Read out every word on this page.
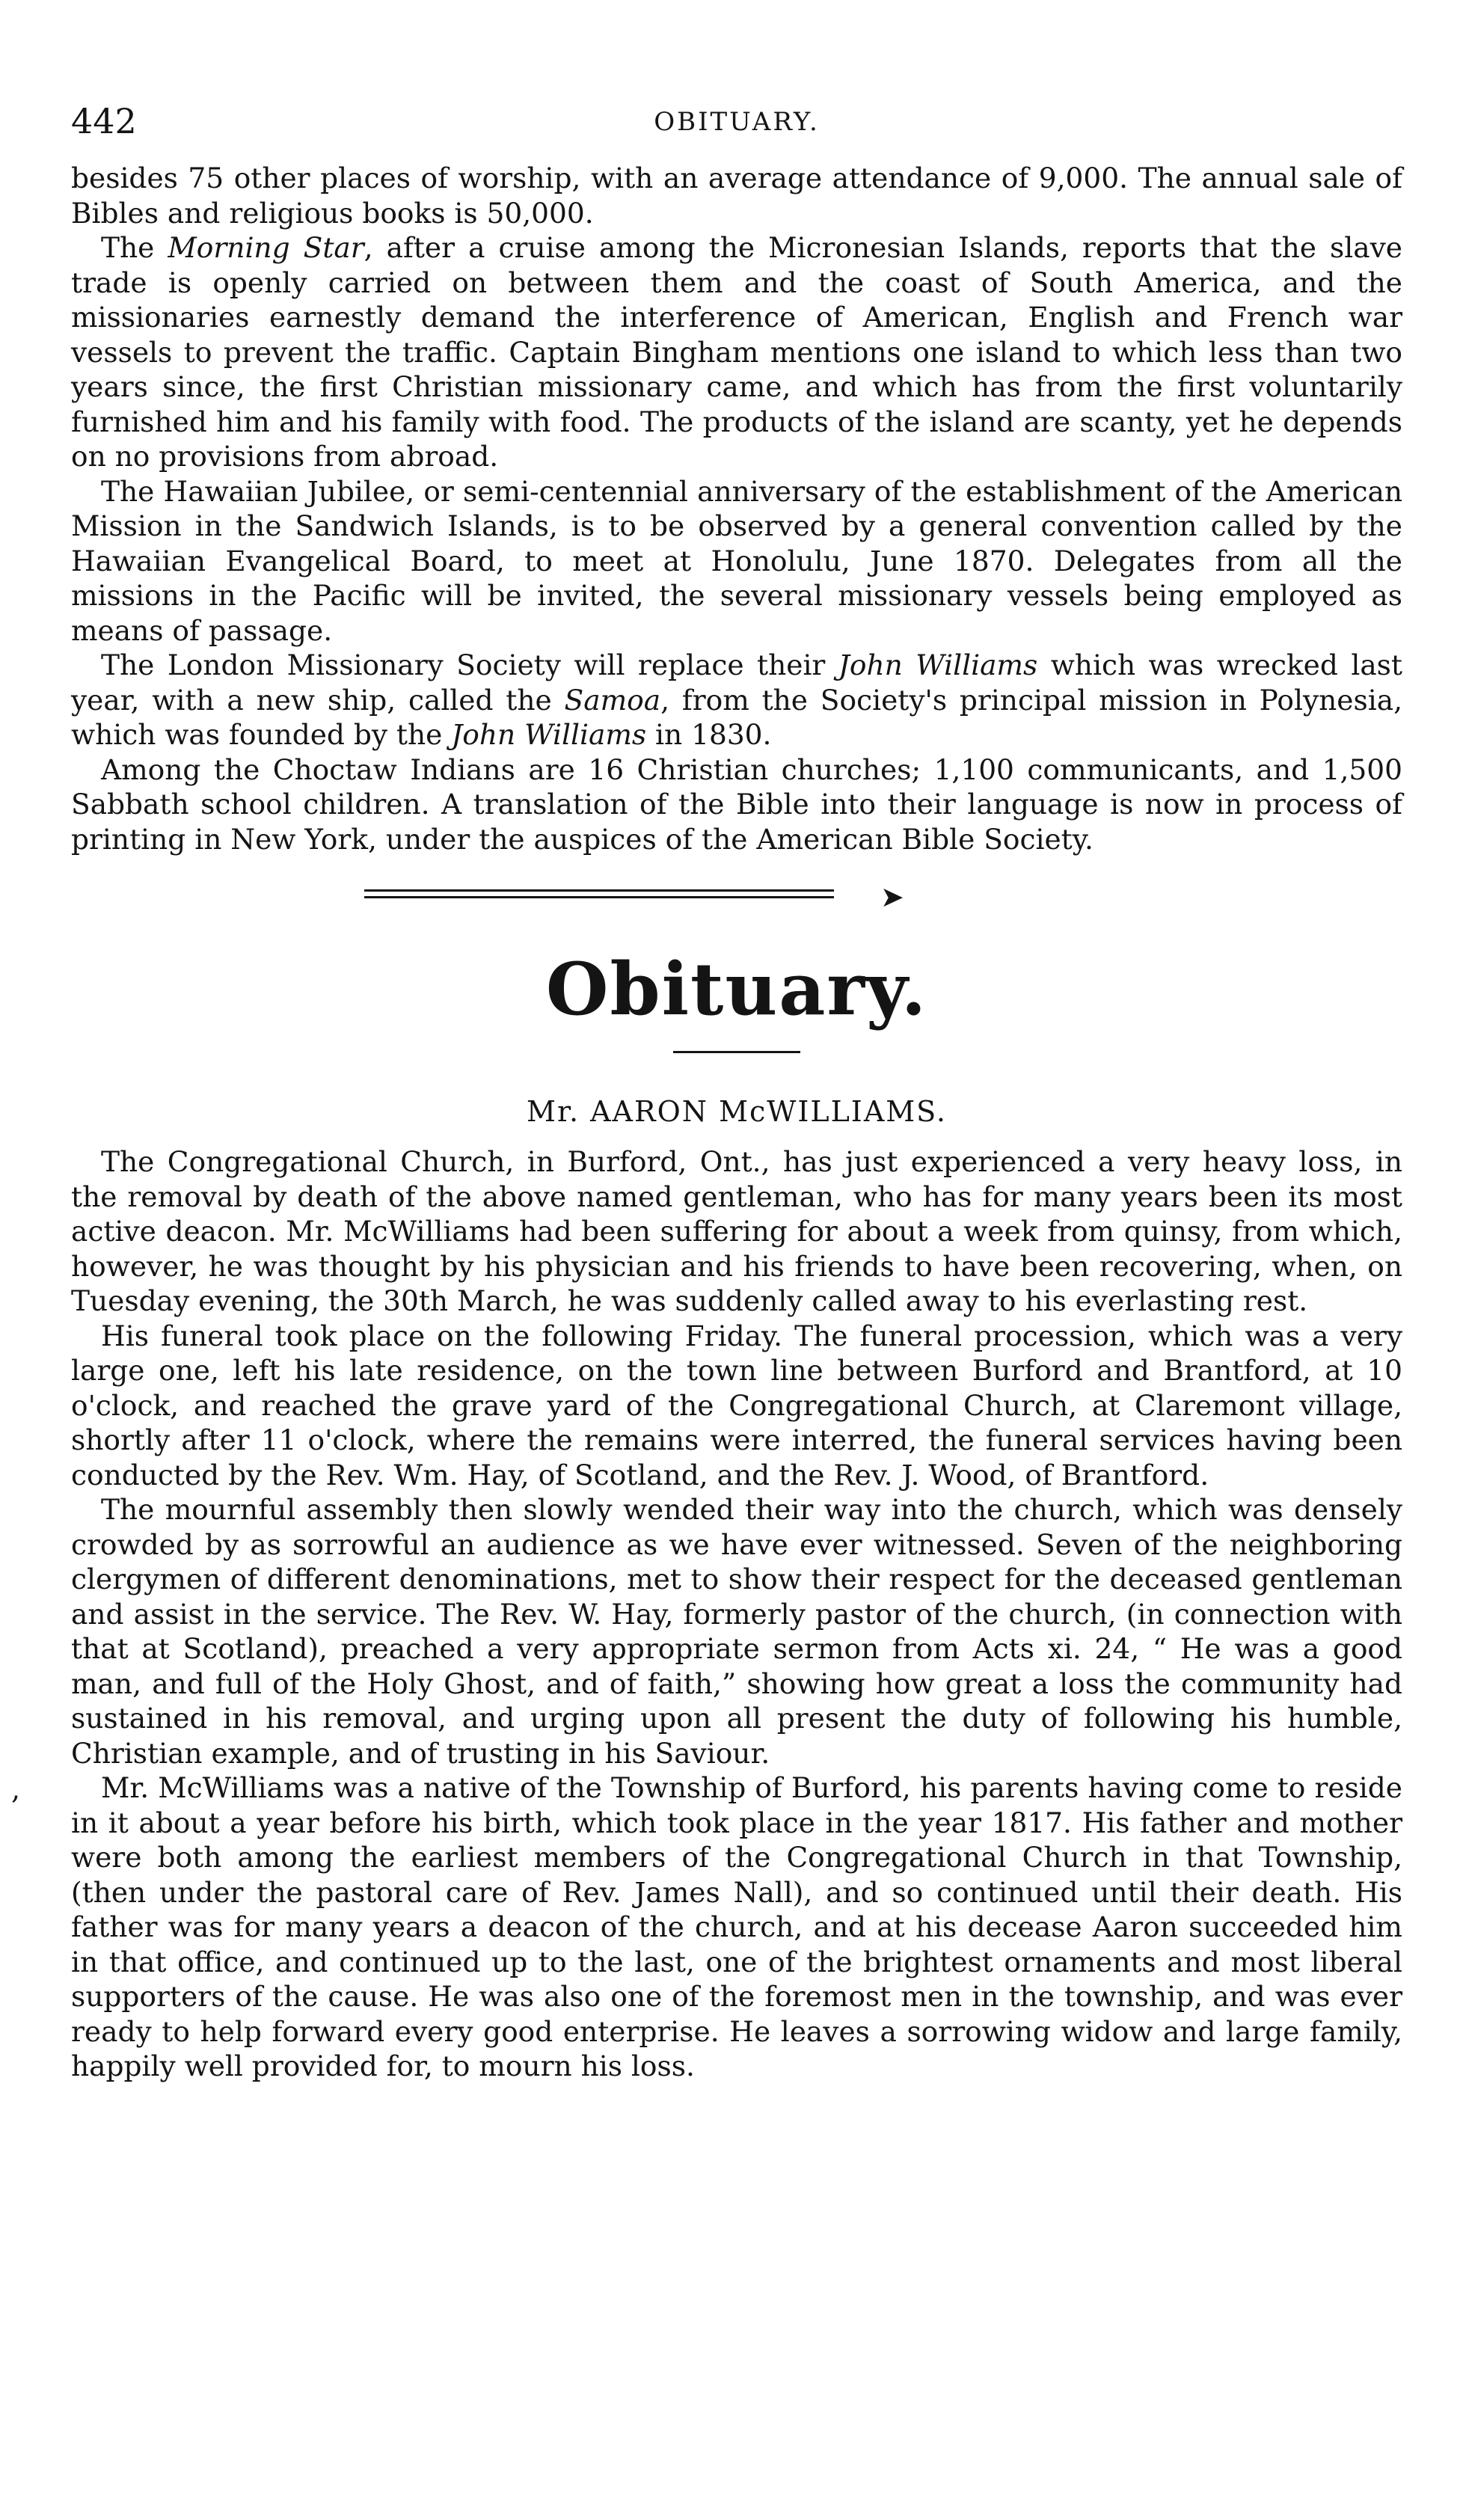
442	OBITUARY.

besides 75 other places of worship, with an average attendance of 9,000. The annual sale of Bibles and religious books is 50,000.

The Morning Star, after a cruise among the Micronesian Islands, reports that the slave trade is openly carried on between them and the coast of South America, and the missionaries earnestly demand the interference of American, English and French war vessels to prevent the traffic. Captain Bingham mentions one island to which less than two years since, the first Christian missionary came, and which has from the first voluntarily furnished him and his family with food. The products of the island are scanty, yet he depends on no provisions from abroad.

The Hawaiian Jubilee, or semi-centennial anniversary of the establishment of the American Mission in the Sandwich Islands, is to be observed by a general convention called by the Hawaiian Evangelical Board, to meet at Honolulu, June 1870. Delegates from all the missions in the Pacific will be invited, the several missionary vessels being employed as means of passage.

The London Missionary Society will replace their John Williams which was wrecked last year, with a new ship, called the Samoa, from the Society's principal mission in Polynesia, which was founded by the John Williams in 1830.

Among the Choctaw Indians are 16 Christian churches; 1,100 communicants, and 1,500 Sabbath school children. A translation of the Bible into their language is now in process of printing in New York, under the auspices of the American Bible Society.

➤
Obituary.
Mr. AARON McWILLIAMS.

The Congregational Church, in Burford, Ont., has just experienced a very heavy loss, in the removal by death of the above named gentleman, who has for many years been its most active deacon. Mr. McWilliams had been suffering for about a week from quinsy, from which, however, he was thought by his physician and his friends to have been recovering, when, on Tuesday evening, the 30th March, he was suddenly called away to his everlasting rest.

His funeral took place on the following Friday. The funeral procession, which was a very large one, left his late residence, on the town line between Burford and Brantford, at 10 o'clock, and reached the grave yard of the Congregational Church, at Claremont village, shortly after 11 o'clock, where the remains were interred, the funeral services having been conducted by the Rev. Wm. Hay, of Scotland, and the Rev. J. Wood, of Brantford.

The mournful assembly then slowly wended their way into the church, which was densely crowded by as sorrowful an audience as we have ever witnessed. Seven of the neighboring clergymen of different denominations, met to show their respect for the deceased gentleman and assist in the service. The Rev. W. Hay, formerly pastor of the church, (in connection with that at Scotland), preached a very appropriate sermon from Acts xi. 24, “ He was a good man, and full of the Holy Ghost, and of faith,” showing how great a loss the community had sustained in his removal, and urging upon all present the duty of following his humble, Christian example, and of trusting in his Saviour.

Mr. McWilliams was a native of the Township of Burford, his parents having come to reside in it about a year before his birth, which took place in the year 1817. His father and mother were both among the earliest members of the Congregational Church in that Township, (then under the pastoral care of Rev. James Nall), and so continued until their death. His father was for many years a deacon of the church, and at his decease Aaron succeeded him in that office, and continued up to the last, one of the brightest ornaments and most liberal supporters of the cause. He was also one of the foremost men in the township, and was ever ready to help forward every good enterprise. He leaves a sorrowing widow and large family, happily well provided for, to mourn his loss.

,
